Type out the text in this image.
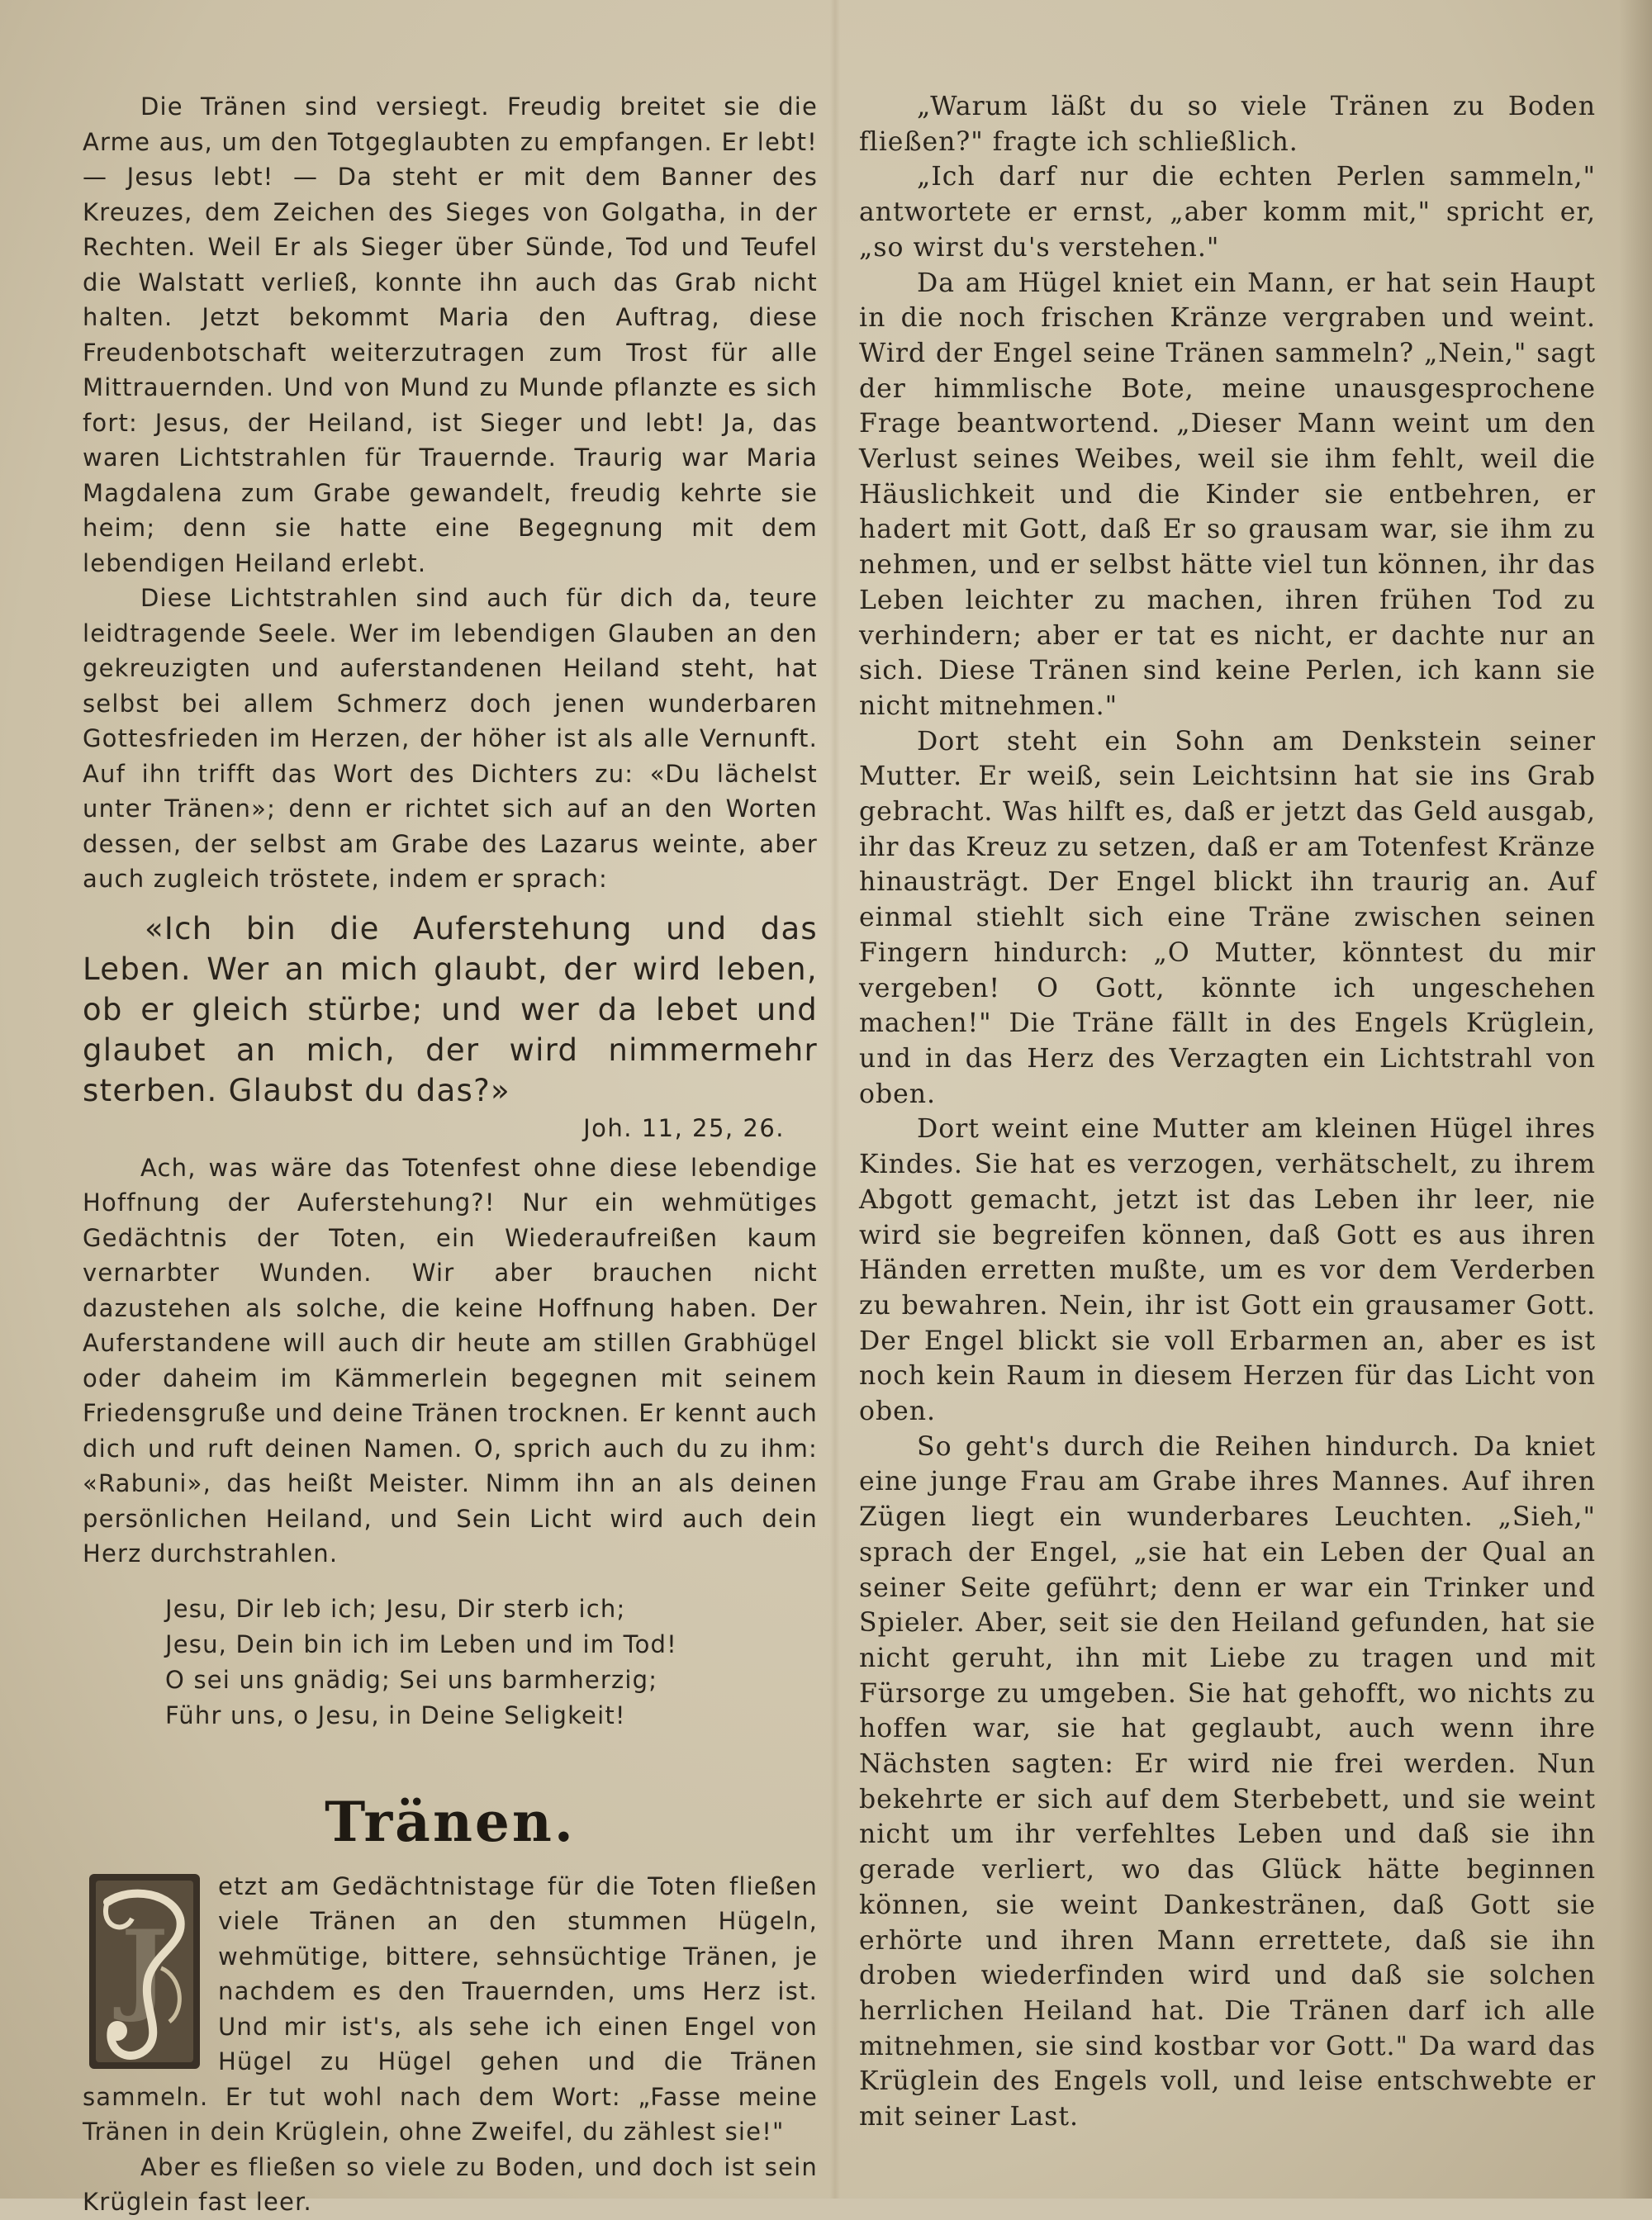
Die Tränen sind versiegt. Freudig breitet sie die Arme aus, um den Totgeglaubten zu empfangen. Er lebt! — Jesus lebt! — Da steht er mit dem Banner des Kreuzes, dem Zeichen des Sieges von Golgatha, in der Rechten. Weil Er als Sieger über Sünde, Tod und Teufel die Walstatt verließ, konnte ihn auch das Grab nicht halten. Jetzt bekommt Maria den Auftrag, diese Freudenbotschaft weiterzutragen zum Trost für alle Mittrauernden. Und von Mund zu Munde pflanzte es sich fort: Jesus, der Heiland, ist Sieger und lebt! Ja, das waren Lichtstrahlen für Trauernde. Traurig war Maria Magdalena zum Grabe gewandelt, freudig kehrte sie heim; denn sie hatte eine Begegnung mit dem lebendigen Heiland erlebt.

Diese Lichtstrahlen sind auch für dich da, teure leidtragende Seele. Wer im lebendigen Glauben an den gekreuzigten und auferstandenen Heiland steht, hat selbst bei allem Schmerz doch jenen wunderbaren Gottesfrieden im Herzen, der höher ist als alle Vernunft. Auf ihn trifft das Wort des Dichters zu: «Du lächelst unter Tränen»; denn er richtet sich auf an den Worten dessen, der selbst am Grabe des Lazarus weinte, aber auch zugleich tröstete, indem er sprach:

«Ich bin die Auferstehung und das Leben. Wer an mich glaubt, der wird leben, ob er gleich stürbe; und wer da lebet und glaubet an mich, der wird nimmermehr sterben. Glaubst du das?»
Joh. 11, 25, 26.

Ach, was wäre das Totenfest ohne diese lebendige Hoffnung der Auferstehung?! Nur ein wehmütiges Gedächtnis der Toten, ein Wiederaufreißen kaum vernarbter Wunden. Wir aber brauchen nicht dazustehen als solche, die keine Hoffnung haben. Der Auferstandene will auch dir heute am stillen Grabhügel oder daheim im Kämmerlein begegnen mit seinem Friedensgruße und deine Tränen trocknen. Er kennt auch dich und ruft deinen Namen. O, sprich auch du zu ihm: «Rabuni», das heißt Meister. Nimm ihn an als deinen persönlichen Heiland, und Sein Licht wird auch dein Herz durchstrahlen.

Jesu, Dir leb ich; Jesu, Dir sterb ich;
Jesu, Dein bin ich im Leben und im Tod!
O sei uns gnädig; Sei uns barmherzig;
Führ uns, o Jesu, in Deine Seligkeit!
Tränen.
J

etzt am Gedächtnistage für die Toten fließen viele Tränen an den stummen Hügeln, wehmütige, bittere, sehnsüchtige Tränen, je nachdem es den Trauernden, ums Herz ist. Und mir ist's, als sehe ich einen Engel von Hügel zu Hügel gehen und die Tränen sammeln. Er tut wohl nach dem Wort: „Fasse meine Tränen in dein Krüglein, ohne Zweifel, du zählest sie!"

Aber es fließen so viele zu Boden, und doch ist sein Krüglein fast leer.

„Warum läßt du so viele Tränen zu Boden fließen?" fragte ich schließlich.

„Ich darf nur die echten Perlen sammeln," antwortete er ernst, „aber komm mit," spricht er, „so wirst du's verstehen."

Da am Hügel kniet ein Mann, er hat sein Haupt in die noch frischen Kränze vergraben und weint. Wird der Engel seine Tränen sammeln? „Nein," sagt der himmlische Bote, meine unausgesprochene Frage beantwortend. „Dieser Mann weint um den Verlust seines Weibes, weil sie ihm fehlt, weil die Häuslichkeit und die Kinder sie entbehren, er hadert mit Gott, daß Er so grausam war, sie ihm zu nehmen, und er selbst hätte viel tun können, ihr das Leben leichter zu machen, ihren frühen Tod zu verhindern; aber er tat es nicht, er dachte nur an sich. Diese Tränen sind keine Perlen, ich kann sie nicht mitnehmen."

Dort steht ein Sohn am Denkstein seiner Mutter. Er weiß, sein Leichtsinn hat sie ins Grab gebracht. Was hilft es, daß er jetzt das Geld ausgab, ihr das Kreuz zu setzen, daß er am Totenfest Kränze hinausträgt. Der Engel blickt ihn traurig an. Auf einmal stiehlt sich eine Träne zwischen seinen Fingern hindurch: „O Mutter, könntest du mir vergeben! O Gott, könnte ich ungeschehen machen!" Die Träne fällt in des Engels Krüglein, und in das Herz des Verzagten ein Lichtstrahl von oben.

Dort weint eine Mutter am kleinen Hügel ihres Kindes. Sie hat es verzogen, verhätschelt, zu ihrem Abgott gemacht, jetzt ist das Leben ihr leer, nie wird sie begreifen können, daß Gott es aus ihren Händen erretten mußte, um es vor dem Verderben zu bewahren. Nein, ihr ist Gott ein grausamer Gott. Der Engel blickt sie voll Erbarmen an, aber es ist noch kein Raum in diesem Herzen für das Licht von oben.

So geht's durch die Reihen hindurch. Da kniet eine junge Frau am Grabe ihres Mannes. Auf ihren Zügen liegt ein wunderbares Leuchten. „Sieh," sprach der Engel, „sie hat ein Leben der Qual an seiner Seite geführt; denn er war ein Trinker und Spieler. Aber, seit sie den Heiland gefunden, hat sie nicht geruht, ihn mit Liebe zu tragen und mit Fürsorge zu umgeben. Sie hat gehofft, wo nichts zu hoffen war, sie hat geglaubt, auch wenn ihre Nächsten sagten: Er wird nie frei werden. Nun bekehrte er sich auf dem Sterbebett, und sie weint nicht um ihr verfehltes Leben und daß sie ihn gerade verliert, wo das Glück hätte beginnen können, sie weint Dankestränen, daß Gott sie erhörte und ihren Mann errettete, daß sie ihn droben wiederfinden wird und daß sie solchen herrlichen Heiland hat. Die Tränen darf ich alle mitnehmen, sie sind kostbar vor Gott." Da ward das Krüglein des Engels voll, und leise entschwebte er mit seiner Last.
